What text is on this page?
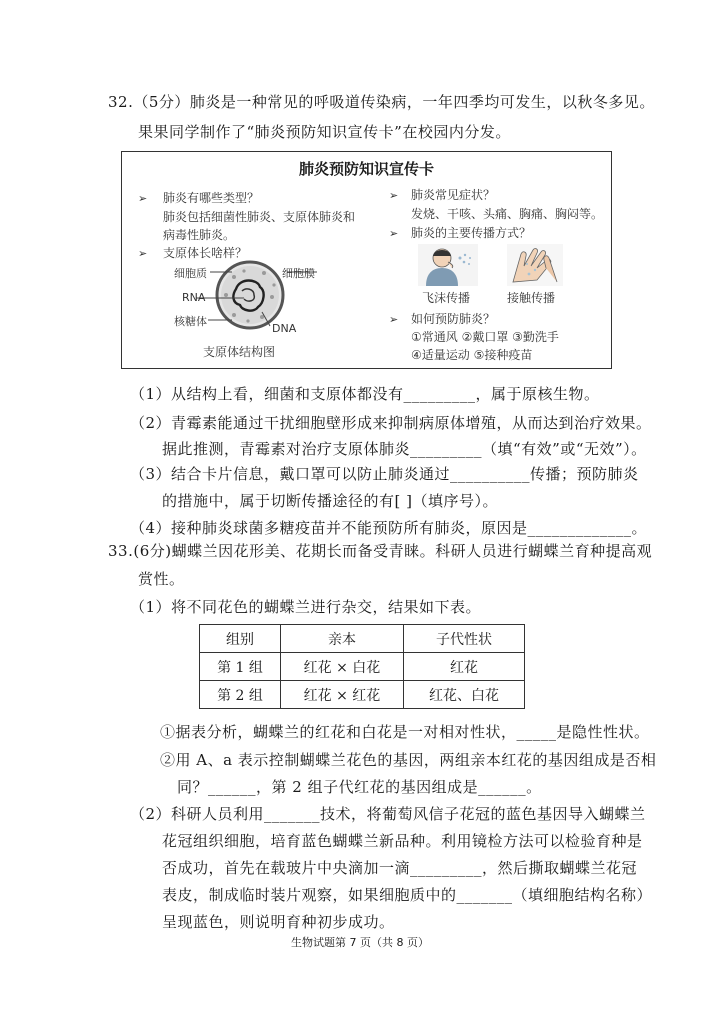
32.（5分）肺炎是一种常见的呼吸道传染病，一年四季均可发生，以秋冬多见。
果果同学制作了“肺炎预防知识宣传卡”在校园内分发。
肺炎预防知识宣传卡
➢ 肺炎有哪些类型？
肺炎包括细菌性肺炎、支原体肺炎和
病毒性肺炎。
➢ 支原体长啥样？
细胞质	细胞膜
RNA
核糖体
DNA
支原体结构图
➢ 肺炎常见症状？
发烧、干咳、头痛、胸痛、胸闷等。
➢ 肺炎的主要传播方式？
飞沫传播	接触传播
➢ 如何预防肺炎？
①常通风 ②戴口罩 ③勤洗手
④适量运动 ⑤接种疫苗
（1）从结构上看，细菌和支原体都没有_________，属于原核生物。
（2）青霉素能通过干扰细胞壁形成来抑制病原体增殖，从而达到治疗效果。
据此推测，青霉素对治疗支原体肺炎_________（填“有效”或“无效”）。
（3）结合卡片信息，戴口罩可以防止肺炎通过__________传播；预防肺炎
的措施中，属于切断传播途径的有[ ]（填序号）。
（4）接种肺炎球菌多糖疫苗并不能预防所有肺炎，原因是_____________。
33.(6分)蝴蝶兰因花形美、花期长而备受青睐。科研人员进行蝴蝶兰育种提高观
赏性。
（1）将不同花色的蝴蝶兰进行杂交，结果如下表。
组别	亲本	子代性状
第 1 组	红花 × 白花	红花
第 2 组	红花 × 红花	红花、白花
①据表分析，蝴蝶兰的红花和白花是一对相对性状，_____是隐性性状。
②用 A、a 表示控制蝴蝶兰花色的基因，两组亲本红花的基因组成是否相
同？______，第 2 组子代红花的基因组成是______。
（2）科研人员利用_______技术，将葡萄风信子花冠的蓝色基因导入蝴蝶兰
花冠组织细胞，培育蓝色蝴蝶兰新品种。利用镜检方法可以检验育种是
否成功，首先在载玻片中央滴加一滴_________，然后撕取蝴蝶兰花冠
表皮，制成临时装片观察，如果细胞质中的_______（填细胞结构名称）
呈现蓝色，则说明育种初步成功。
生物试题第 7 页（共 8 页）
